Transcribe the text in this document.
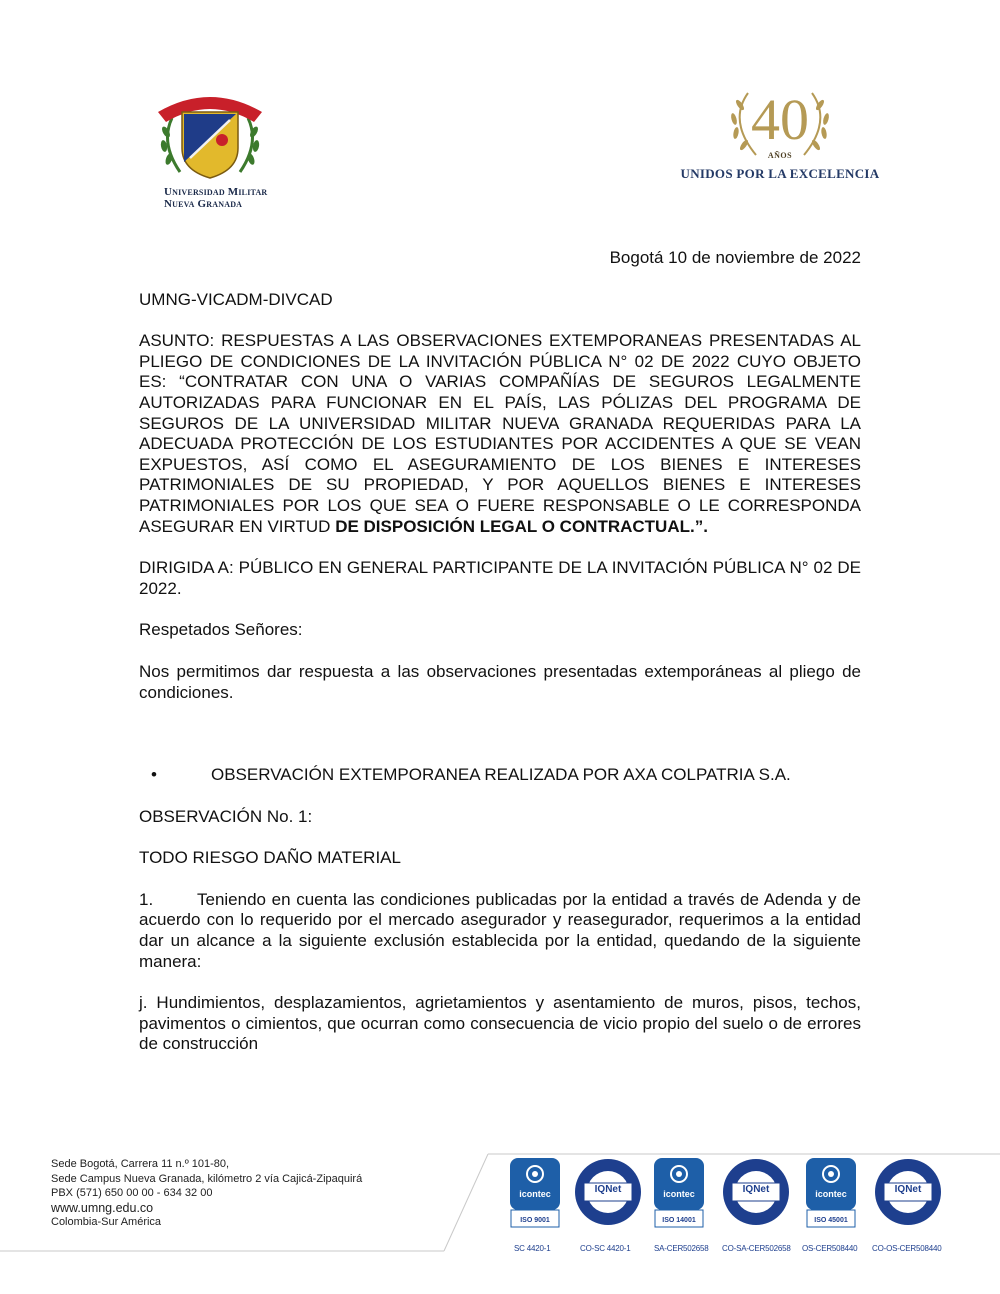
Universidad Militar
Nueva Granada
40
AÑOS
UNIDOS POR LA EXCELENCIA

Bogotá 10 de noviembre de 2022

UMNG-VICADM-DIVCAD

ASUNTO: RESPUESTAS A LAS OBSERVACIONES EXTEMPORANEAS PRESENTADAS AL PLIEGO DE CONDICIONES DE LA INVITACIÓN PÚBLICA N° 02 DE 2022 CUYO OBJETO ES: “CONTRATAR CON UNA O VARIAS COMPAÑÍAS DE SEGUROS LEGALMENTE AUTORIZADAS PARA FUNCIONAR EN EL PAÍS, LAS PÓLIZAS DEL PROGRAMA DE SEGUROS DE LA UNIVERSIDAD MILITAR NUEVA GRANADA REQUERIDAS PARA LA ADECUADA PROTECCIÓN DE LOS ESTUDIANTES POR ACCIDENTES A QUE SE VEAN EXPUESTOS, ASÍ COMO EL ASEGURAMIENTO DE LOS BIENES E INTERESES PATRIMONIALES DE SU PROPIEDAD, Y POR AQUELLOS BIENES E INTERESES PATRIMONIALES POR LOS QUE SEA O FUERE RESPONSABLE O LE CORRESPONDA ASEGURAR EN VIRTUD DE DISPOSICIÓN LEGAL O CONTRACTUAL.”.

DIRIGIDA A: PÚBLICO EN GENERAL PARTICIPANTE DE LA INVITACIÓN PÚBLICA N° 02 DE 2022.

Respetados Señores:

Nos permitimos dar respuesta a las observaciones presentadas extemporáneas al pliego de condiciones.

•	OBSERVACIÓN EXTEMPORANEA REALIZADA POR AXA COLPATRIA S.A.

OBSERVACIÓN No. 1:

TODO RIESGO DAÑO MATERIAL

1.	Teniendo en cuenta las condiciones publicadas por la entidad a través de Adenda y de acuerdo con lo requerido por el mercado asegurador y reasegurador, requerimos a la entidad dar un alcance a la siguiente exclusión establecida por la entidad, quedando de la siguiente manera:

j. Hundimientos, desplazamientos, agrietamientos y asentamiento de muros, pisos, techos, pavimentos o cimientos, que ocurran como consecuencia de vicio propio del suelo o de errores de construcción

Sede Bogotá, Carrera 11 n.º 101-80,
Sede Campus Nueva Granada, kilómetro 2 vía Cajicá-Zipaquirá
PBX (571) 650 00 00 - 634 32 00
www.umng.edu.co
Colombia-Sur América
icontec
ISO 9001
SC 4420-1
IQNet
CO-SC 4420-1
icontec
ISO 14001
SA-CER502658
IQNet
CO-SA-CER502658
icontec
ISO 45001
OS-CER508440
IQNet
CO-OS-CER508440
